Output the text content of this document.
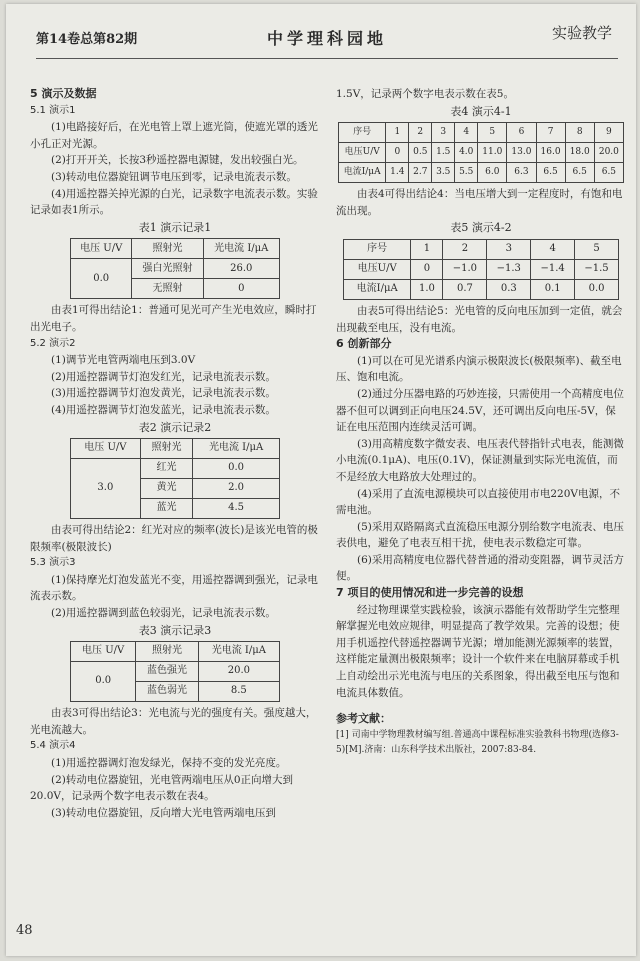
第14卷总第82期	中学理科园地	实验教学

5 演示及数据

5.1 演示1

(1)电路接好后，在光电管上罩上遮光筒，使遮光罩的透光小孔正对光源。

(2)打开开关，长按3秒遥控器电源键，发出较强白光。

(3)转动电位器旋钮调节电压到零，记录电流表示数。

(4)用遥控器关掉光源的白光，记录数字电流表示数。实验记录如表1所示。

表1 演示记录1

电压 U/V	照射光	光电流 I/μA
0.0	强白光照射	26.0
	无照射	0

由表1可得出结论1：普通可见光可产生光电效应，瞬时打出光电子。

5.2 演示2

(1)调节光电管两端电压到3.0V

(2)用遥控器调节灯泡发红光，记录电流表示数。

(3)用遥控器调节灯泡发黄光，记录电流表示数。

(4)用遥控器调节灯泡发蓝光，记录电流表示数。

表2 演示记录2

电压 U/V	照射光	光电流 I/μA
3.0	红光	0.0
	黄光	2.0
	蓝光	4.5

由表可得出结论2：红光对应的频率(波长)是该光电管的极限频率(极限波长)

5.3 演示3

(1)保持摩光灯泡发蓝光不变，用遥控器调到强光，记录电流表示数。

(2)用遥控器调到蓝色较弱光，记录电流表示数。

表3 演示记录3

电压 U/V	照射光	光电流 I/μA
0.0	蓝色强光	20.0
	蓝色弱光	8.5

由表3可得出结论3：光电流与光的强度有关。强度越大，光电流越大。

5.4 演示4

(1)用遥控器调灯泡发绿光，保持不变的发光亮度。

(2)转动电位器旋钮，光电管两端电压从0正向增大到20.0V，记录两个数字电表示数在表4。

(3)转动电位器旋钮，反向增大光电管两端电压到

1.5V，记录两个数字电表示数在表5。

表4 演示4-1

序号	1	2	3	4	5	6	7	8	9
电压U/V	0	0.5	1.5	4.0	11.0	13.0	16.0	18.0	20.0
电流I/μA	1.4	2.7	3.5	5.5	6.0	6.3	6.5	6.5	6.5

由表4可得出结论4：当电压增大到一定程度时，有饱和电流出现。

表5 演示4-2

序号	1	2	3	4	5
电压U/V	0	−1.0	−1.3	−1.4	−1.5
电流I/μA	1.0	0.7	0.3	0.1	0.0

由表5可得出结论5：光电管的反向电压加到一定值，就会出现截至电压，没有电流。

6 创新部分

(1)可以在可见光谱系内演示极限波长(极限频率)、截至电压、饱和电流。

(2)通过分压器电路的巧妙连接，只需使用一个高精度电位器不但可以调到正向电压24.5V，还可调出反向电压-5V，保证在电压范围内连续灵活可调。

(3)用高精度数字微安表、电压表代替指针式电表，能测微小电流(0.1μA)、电压(0.1V)，保证测量到实际光电流值，而不是经放大电路放大处理过的。

(4)采用了直流电源模块可以直接使用市电220V电源，不需电池。

(5)采用双路隔离式直流稳压电源分别给数字电流表、电压表供电，避免了电表互相干扰，使电表示数稳定可靠。

(6)采用高精度电位器代替普通的滑动变阻器，调节灵活方便。

7 项目的使用情况和进一步完善的设想

经过物理课堂实践检验，该演示器能有效帮助学生完整理解掌握光电效应规律，明显提高了教学效果。完善的设想；使用手机遥控代替遥控器调节光源；增加能测光源频率的装置，这样能定量测出极限频率；设计一个软件来在电脑屏幕或手机上自动绘出示光电流与电压的关系图象，得出截至电压与饱和电流具体数值。

参考文献：

[1] 司南中学物理教材编写组.普通高中课程标准实验教科书物理(选修3-5)[M].济南：山东科学技术出版社，2007:83-84.

48
